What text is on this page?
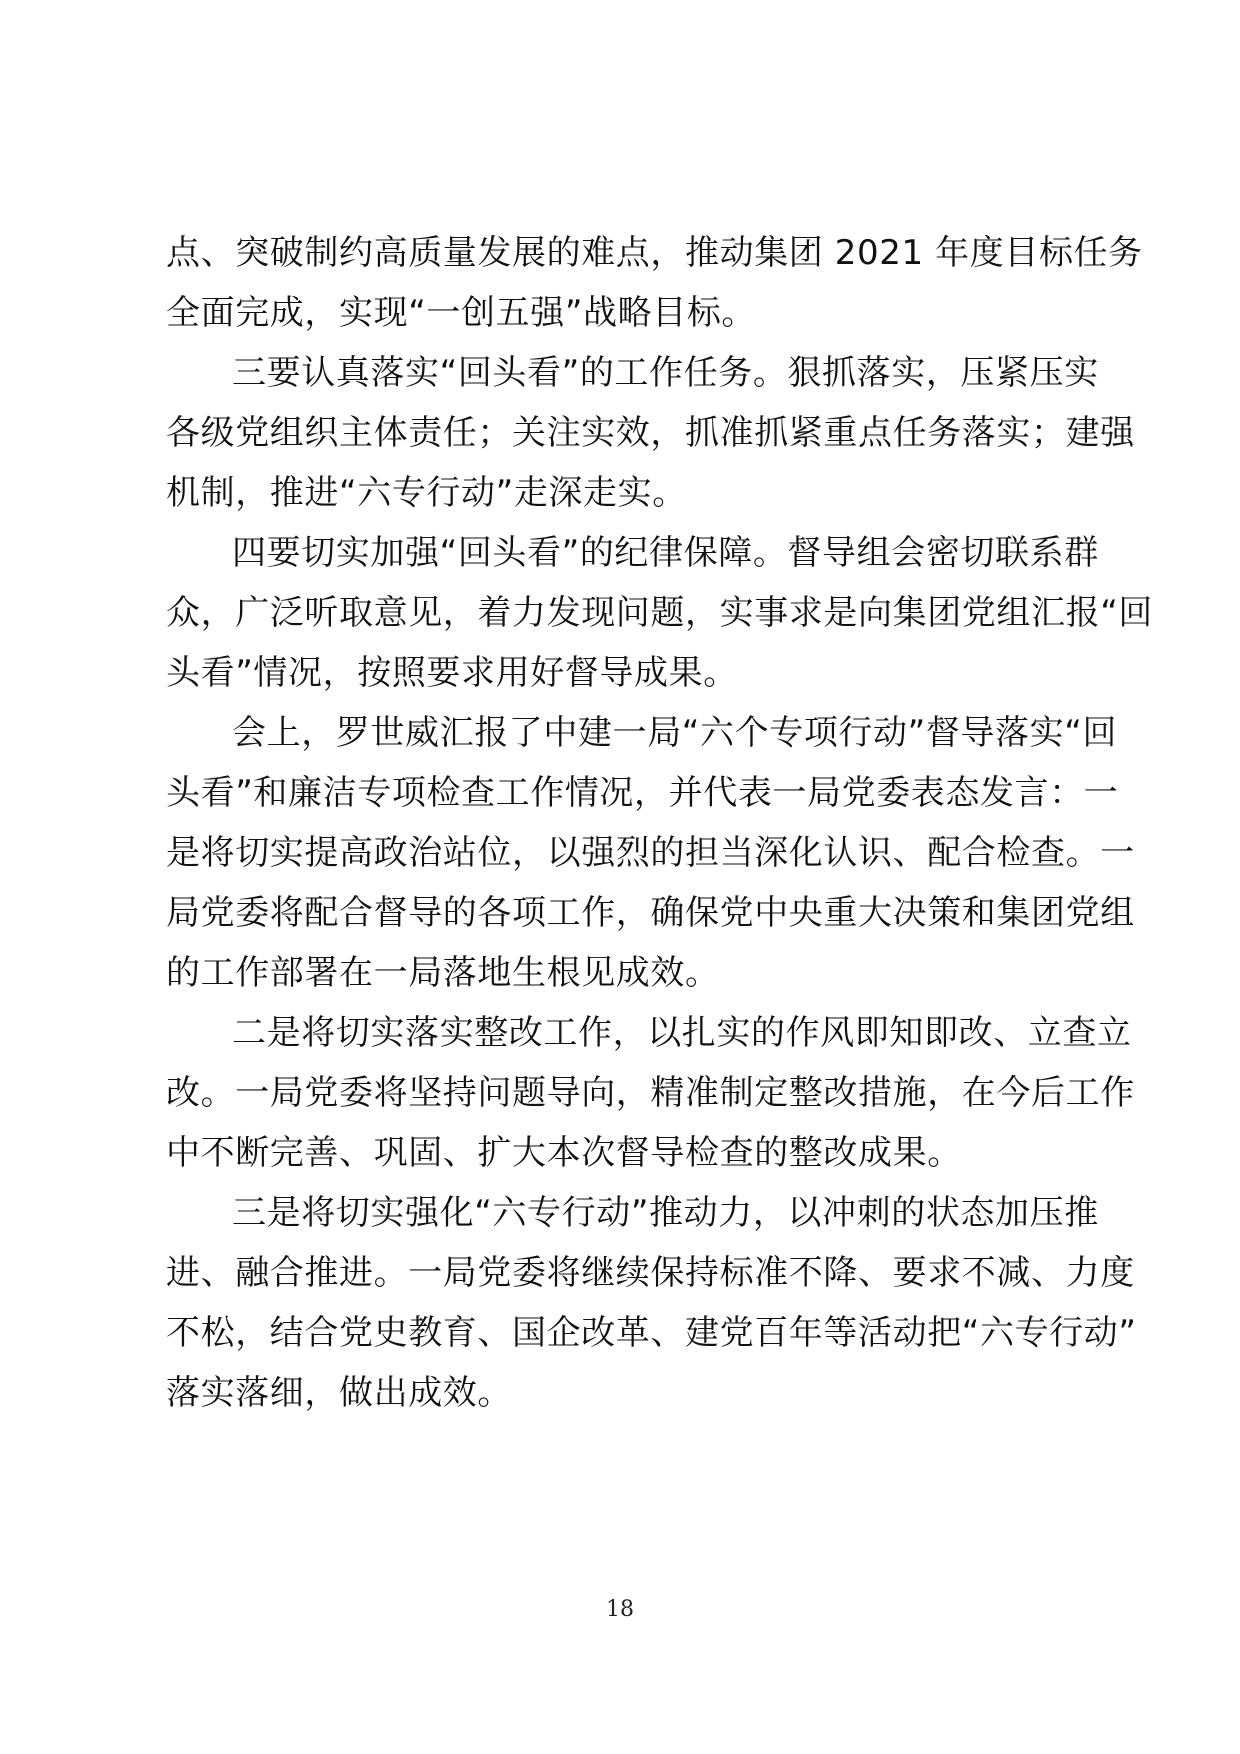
点、突破制约高质量发展的难点，推动集团 2021 年度目标任务
全面完成，实现“一创五强”战略目标。
三要认真落实“回头看”的工作任务。狠抓落实，压紧压实
各级党组织主体责任；关注实效，抓准抓紧重点任务落实；建强
机制，推进“六专行动”走深走实。
四要切实加强“回头看”的纪律保障。督导组会密切联系群
众，广泛听取意见，着力发现问题，实事求是向集团党组汇报“回
头看”情况，按照要求用好督导成果。
会上，罗世威汇报了中建一局“六个专项行动”督导落实“回
头看”和廉洁专项检查工作情况，并代表一局党委表态发言：一
是将切实提高政治站位，以强烈的担当深化认识、配合检查。一
局党委将配合督导的各项工作，确保党中央重大决策和集团党组
的工作部署在一局落地生根见成效。
二是将切实落实整改工作，以扎实的作风即知即改、立查立
改。一局党委将坚持问题导向，精准制定整改措施，在今后工作
中不断完善、巩固、扩大本次督导检查的整改成果。
三是将切实强化“六专行动”推动力，以冲刺的状态加压推
进、融合推进。一局党委将继续保持标准不降、要求不减、力度
不松，结合党史教育、国企改革、建党百年等活动把“六专行动”
落实落细，做出成效。
18
